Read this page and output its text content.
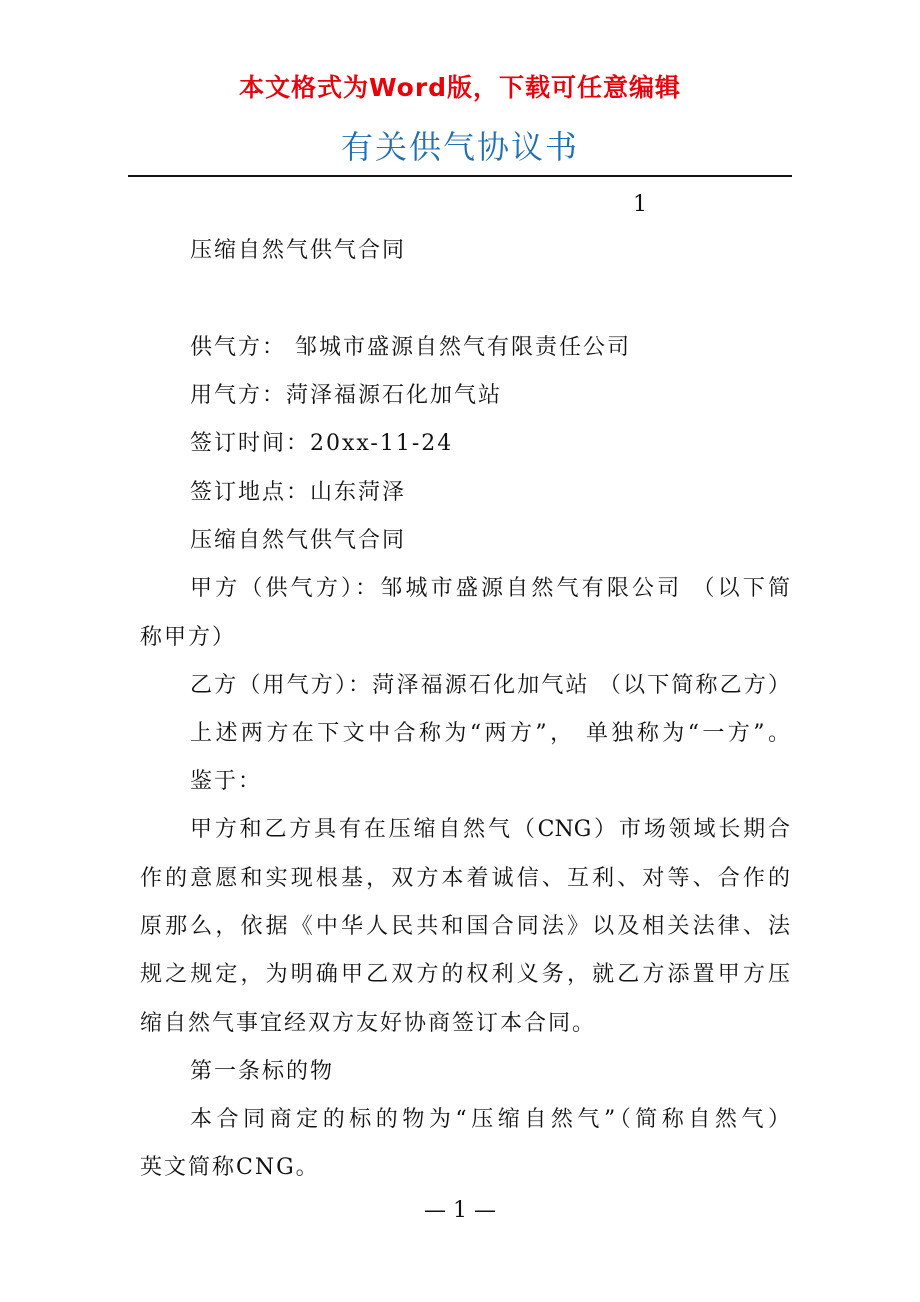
本文格式为Word版，下载可任意编辑
有关供气协议书
1
压缩自然气供气合同
供气方： 邹城市盛源自然气有限责任公司
用气方：菏泽福源石化加气站
签订时间：20xx-11-24
签订地点：山东菏泽
压缩自然气供气合同
甲方（供气方）：邹城市盛源自然气有限公司 （以下简
称甲方）
乙方（用气方）：菏泽福源石化加气站 （以下简称乙方）
上述两方在下文中合称为“两方”， 单独称为“一方”。
鉴于：
甲方和乙方具有在压缩自然气（CNG）市场领域长期合
作的意愿和实现根基，双方本着诚信、互利、对等、合作的
原那么，依据《中华人民共和国合同法》以及相关法律、法
规之规定，为明确甲乙双方的权利义务，就乙方添置甲方压
缩自然气事宜经双方友好协商签订本合同。
第一条标的物
本合同商定的标的物为“压缩自然气”（简称自然气）
英文简称CNG。
— 1 —
